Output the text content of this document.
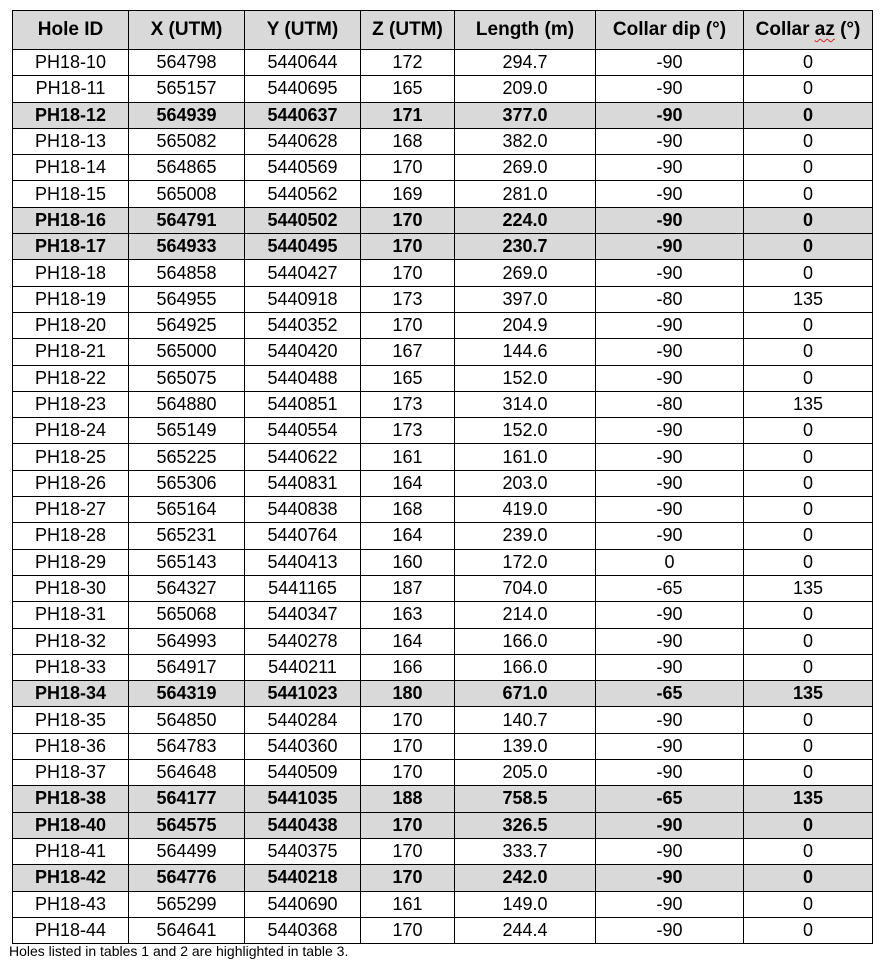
Hole ID	X (UTM)	Y (UTM)	Z (UTM)	Length (m)	Collar dip (°)	Collar az (°)
PH18-10	564798	5440644	172	294.7	-90	0
PH18-11	565157	5440695	165	209.0	-90	0
PH18-12	564939	5440637	171	377.0	-90	0
PH18-13	565082	5440628	168	382.0	-90	0
PH18-14	564865	5440569	170	269.0	-90	0
PH18-15	565008	5440562	169	281.0	-90	0
PH18-16	564791	5440502	170	224.0	-90	0
PH18-17	564933	5440495	170	230.7	-90	0
PH18-18	564858	5440427	170	269.0	-90	0
PH18-19	564955	5440918	173	397.0	-80	135
PH18-20	564925	5440352	170	204.9	-90	0
PH18-21	565000	5440420	167	144.6	-90	0
PH18-22	565075	5440488	165	152.0	-90	0
PH18-23	564880	5440851	173	314.0	-80	135
PH18-24	565149	5440554	173	152.0	-90	0
PH18-25	565225	5440622	161	161.0	-90	0
PH18-26	565306	5440831	164	203.0	-90	0
PH18-27	565164	5440838	168	419.0	-90	0
PH18-28	565231	5440764	164	239.0	-90	0
PH18-29	565143	5440413	160	172.0	0	0
PH18-30	564327	5441165	187	704.0	-65	135
PH18-31	565068	5440347	163	214.0	-90	0
PH18-32	564993	5440278	164	166.0	-90	0
PH18-33	564917	5440211	166	166.0	-90	0
PH18-34	564319	5441023	180	671.0	-65	135
PH18-35	564850	5440284	170	140.7	-90	0
PH18-36	564783	5440360	170	139.0	-90	0
PH18-37	564648	5440509	170	205.0	-90	0
PH18-38	564177	5441035	188	758.5	-65	135
PH18-40	564575	5440438	170	326.5	-90	0
PH18-41	564499	5440375	170	333.7	-90	0
PH18-42	564776	5440218	170	242.0	-90	0
PH18-43	565299	5440690	161	149.0	-90	0
PH18-44	564641	5440368	170	244.4	-90	0
Holes listed in tables 1 and 2 are highlighted in table 3.
